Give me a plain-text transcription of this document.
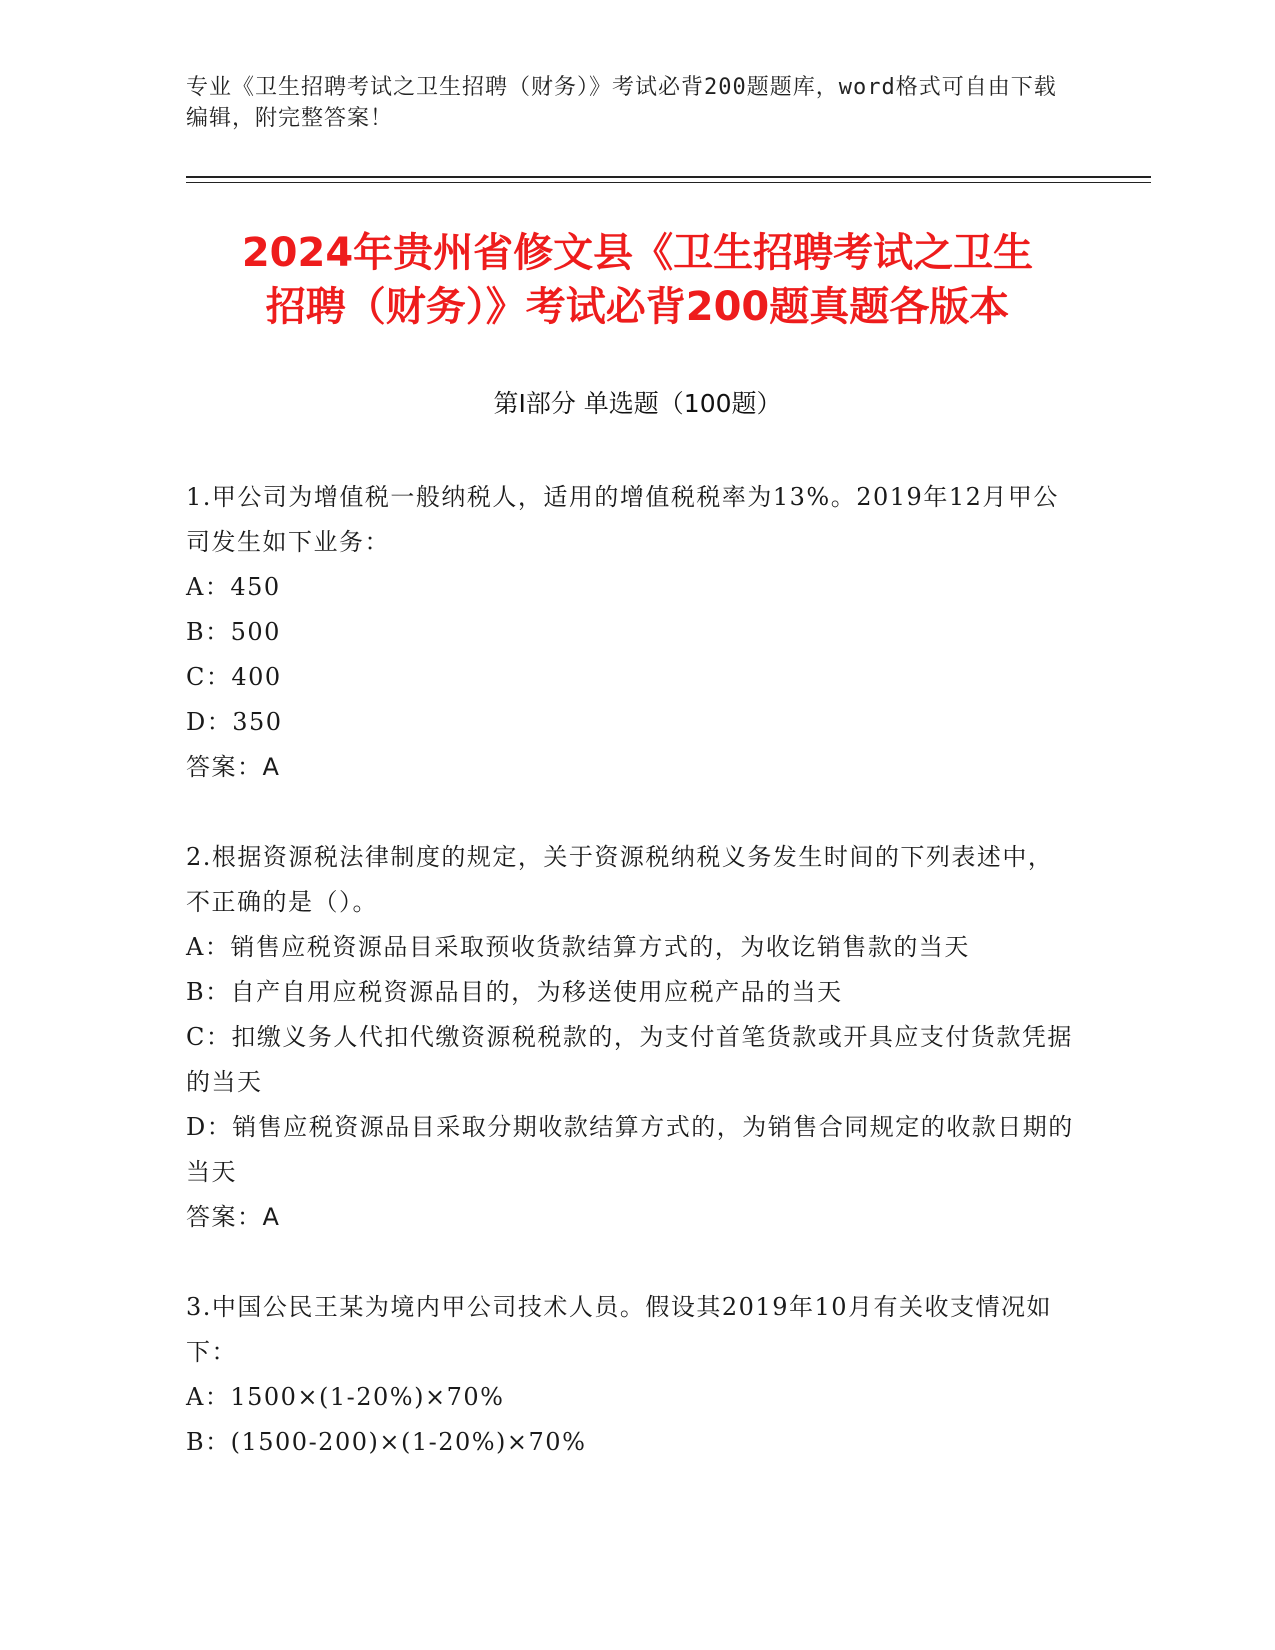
专业《卫生招聘考试之卫生招聘（财务）》考试必背200题题库，word格式可自由下载编辑，附完整答案！
2024年贵州省修文县《卫生招聘考试之卫生
招聘（财务）》考试必背200题真题各版本
第I部分 单选题（100题）
1.甲公司为增值税一般纳税人，适用的增值税税率为13%。2019年12月甲公司发生如下业务：
A：450
B：500
C：400
D：350
答案：A
2.根据资源税法律制度的规定，关于资源税纳税义务发生时间的下列表述中，不正确的是（）。
A：销售应税资源品目采取预收货款结算方式的，为收讫销售款的当天
B：自产自用应税资源品目的，为移送使用应税产品的当天
C：扣缴义务人代扣代缴资源税税款的，为支付首笔货款或开具应支付货款凭据的当天
D：销售应税资源品目采取分期收款结算方式的，为销售合同规定的收款日期的当天
答案：A
3.中国公民王某为境内甲公司技术人员。假设其2019年10月有关收支情况如下：
A：1500×(1-20%)×70%
B：(1500-200)×(1-20%)×70%
